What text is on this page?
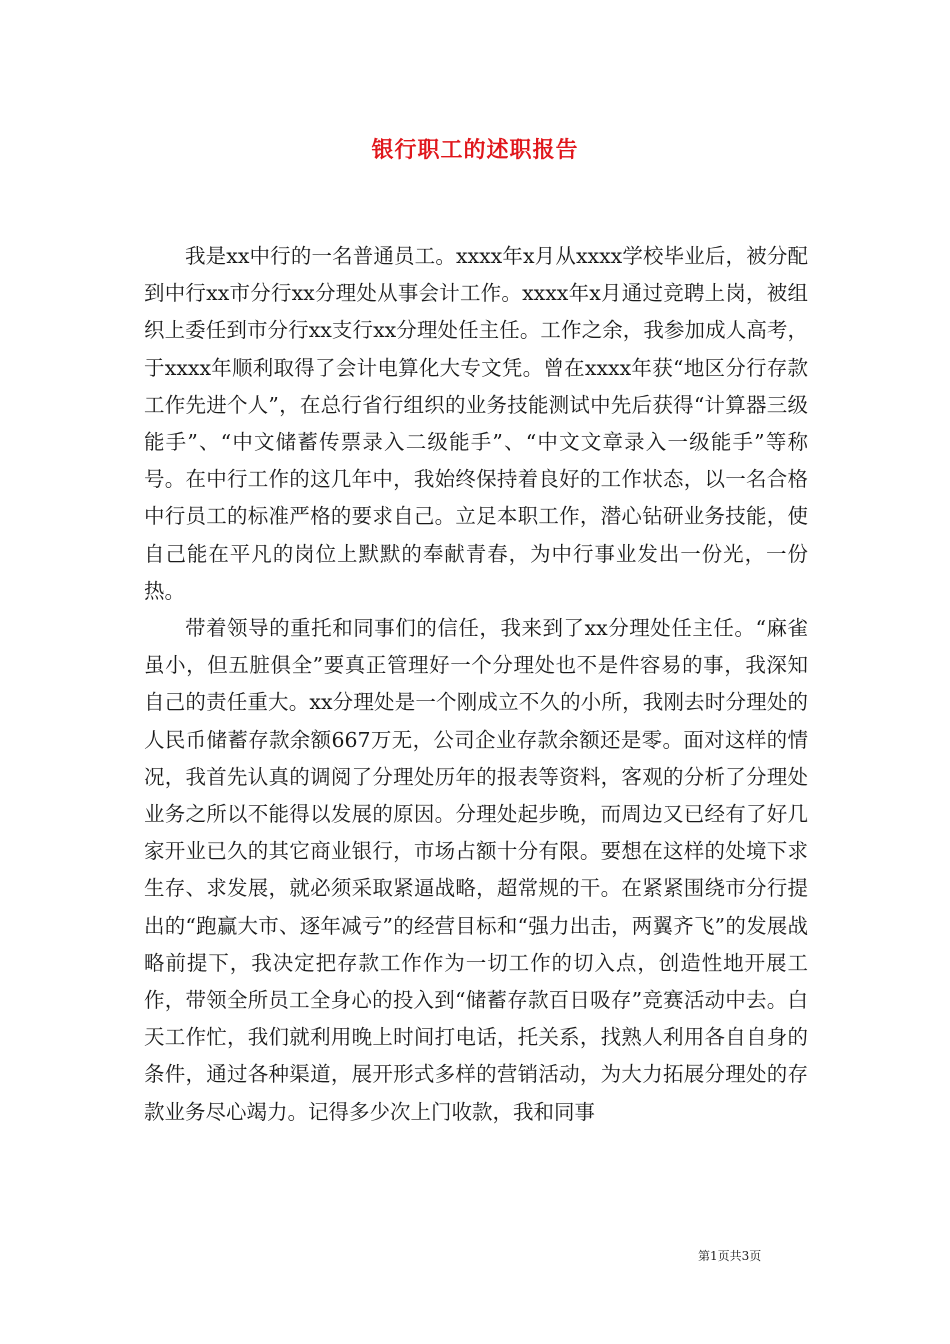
银行职工的述职报告

我是xx中行的一名普通员工。xxxx年x月从xxxx学校毕业后，被分配到中行xx市分行xx分理处从事会计工作。xxxx年x月通过竞聘上岗，被组织上委任到市分行xx支行xx分理处任主任。工作之余，我参加成人高考，于xxxx年顺利取得了会计电算化大专文凭。曾在xxxx年获“地区分行存款工作先进个人”，在总行省行组织的业务技能测试中先后获得“计算器三级能手”、“中文储蓄传票录入二级能手”、“中文文章录入一级能手”等称号。在中行工作的这几年中，我始终保持着良好的工作状态，以一名合格中行员工的标准严格的要求自己。立足本职工作，潜心钻研业务技能，使自己能在平凡的岗位上默默的奉献青春，为中行事业发出一份光，一份热。

带着领导的重托和同事们的信任，我来到了xx分理处任主任。“麻雀虽小，但五脏俱全”要真正管理好一个分理处也不是件容易的事，我深知自己的责任重大。xx分理处是一个刚成立不久的小所，我刚去时分理处的人民币储蓄存款余额667万无，公司企业存款余额还是零。面对这样的情况，我首先认真的调阅了分理处历年的报表等资料，客观的分析了分理处业务之所以不能得以发展的原因。分理处起步晚，而周边又已经有了好几家开业已久的其它商业银行，市场占额十分有限。要想在这样的处境下求生存、求发展，就必须采取紧逼战略，超常规的干。在紧紧围绕市分行提出的“跑赢大市、逐年减亏”的经营目标和“强力出击，两翼齐飞”的发展战略前提下，我决定把存款工作作为一切工作的切入点，创造性地开展工作，带领全所员工全身心的投入到“储蓄存款百日吸存”竞赛活动中去。白天工作忙，我们就利用晚上时间打电话，托关系，找熟人利用各自自身的条件，通过各种渠道，展开形式多样的营销活动，为大力拓展分理处的存款业务尽心竭力。记得多少次上门收款，我和同事

第1页共3页
